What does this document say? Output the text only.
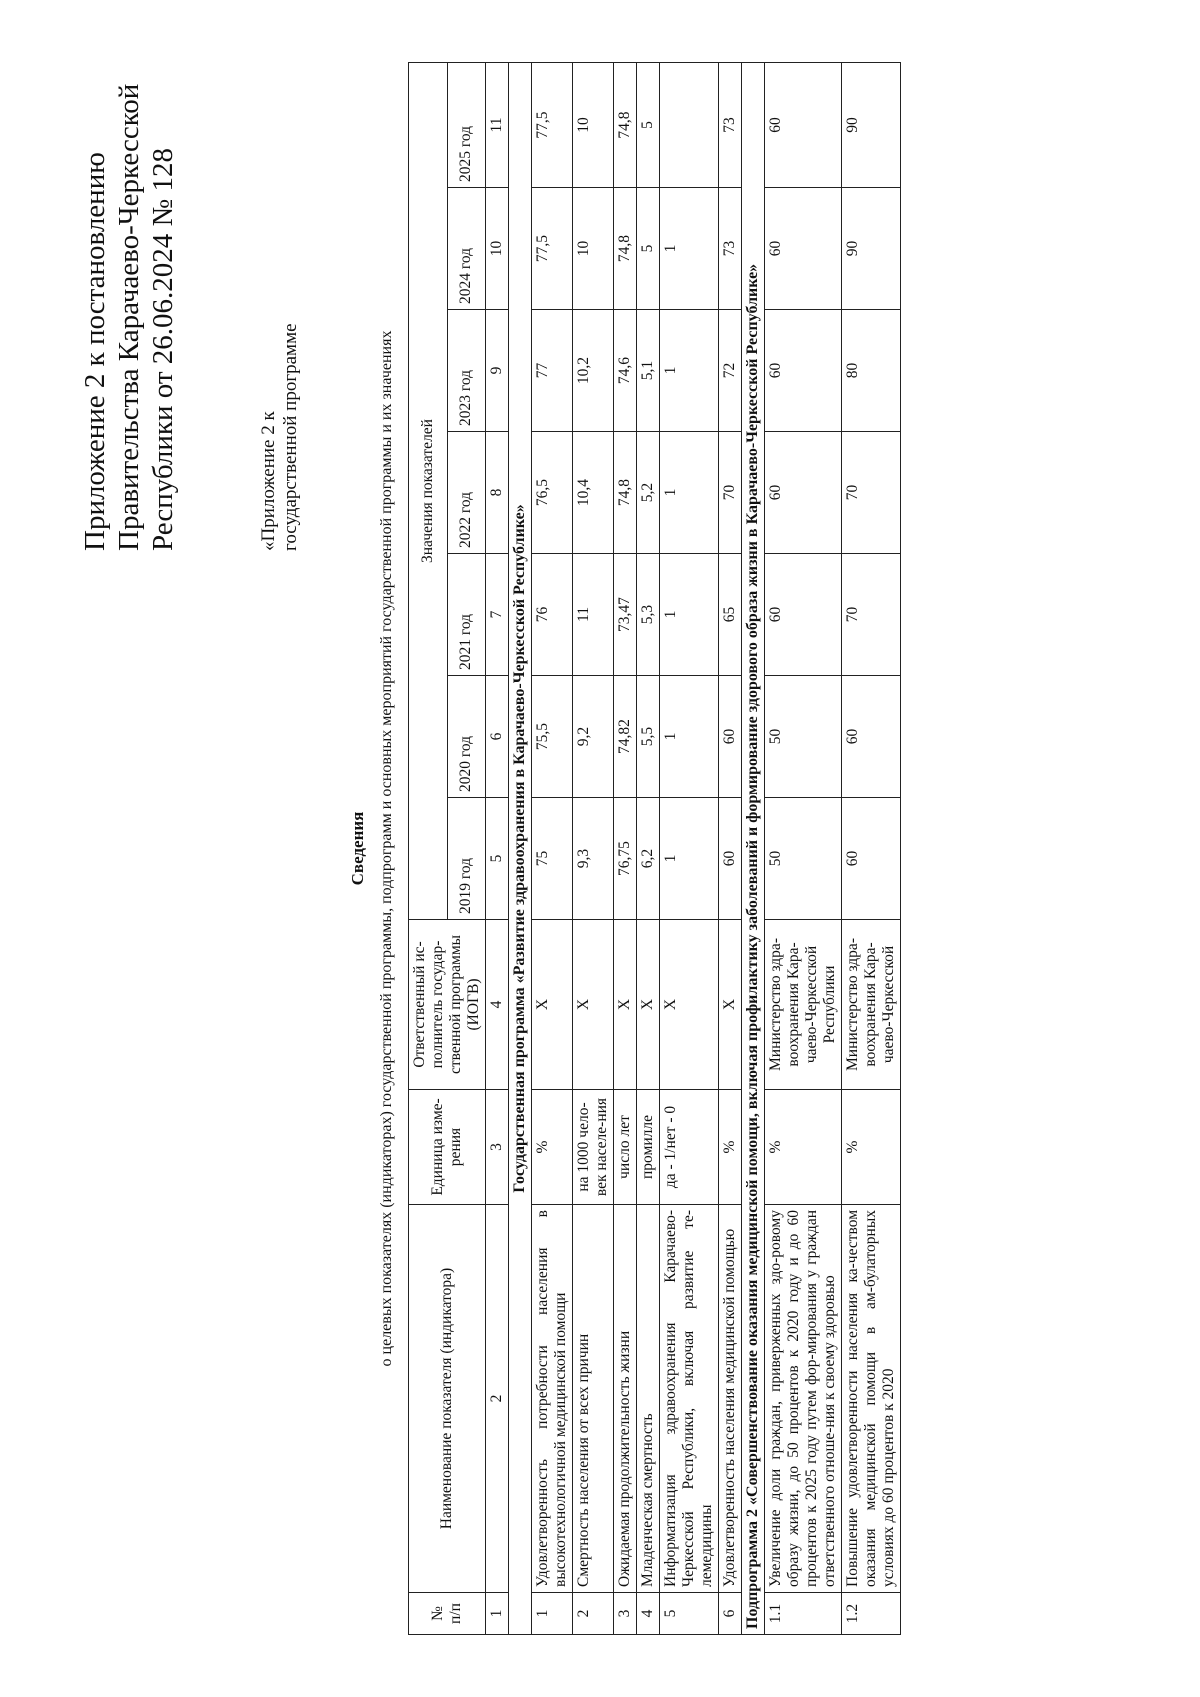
Приложение 2 к постановлению Правительства Карачаево-Черкесской Республики от 26.06.2024 № 128	«Приложение 2 к государственной программе
Сведения о целевых показателях (индикаторах) государственной программы, подпрограмм и основных мероприятий государственной программы и их значениях
№ п/п	Наименование показателя (индикатора)	Единица изме-рения	Ответственный ис-полнитель государ-ственной программы (ИОГВ)	Значения показателей						
				2019 год	2020 год	2021 год	2022 год	2023 год	2024 год	2025 год
1	2	3	4	5	6	7	8	9	10	11
Государственная программа «Развитие здравоохранения в Карачаево-Черкесской Республике»										
1	Удовлетворенность потребности населения в высокотехнологичной медицинской помощи	%	Х	75	75,5	76	76,5	77	77,5	77,5
2	Смертность населения от всех причин	на 1000 чело-век населе-ния	Х	9,3	9,2	11	10,4	10,2	10	10
3	Ожидаемая продолжительность жизни	число лет	Х	76,75	74,82	73,47	74,8	74,6	74,8	74,8
4	Младенческая смертность	промилле	Х	6,2	5,5	5,3	5,2	5,1	5	5
5	Информатизация здравоохранения Карачаево-Черкесской Республики, включая развитие те-лемедицины	да - 1/нет - 0	Х	1	1	1	1	1	1	
6	Удовлетворенность населения медицинской помощью	%	Х	60	60	65	70	72	73	73
Подпрограмма 2 «Совершенствование оказания медицинской помощи, включая профилактику заболеваний и формирование здорового образа жизни в Карачаево-Черкесской Республике»										
1.1	Увеличение доли граждан, приверженных здо-ровому образу жизни, до 50 процентов к 2020 году и до 60 процентов к 2025 году путем фор-мирования у граждан ответственного отноше-ния к своему здоровью	%	Министерство здра-воохранения Кара-чаево-Черкесской Республики	50	50	60	60	60	60	60
1.2	Повышение удовлетворенности населения ка-чеством оказания медицинской помощи в ам-булаторных условиях до 60 процентов к 2020	%	Министерство здра-воохранения Кара-чаево-Черкесской	60	60	70	70	80	90	90
